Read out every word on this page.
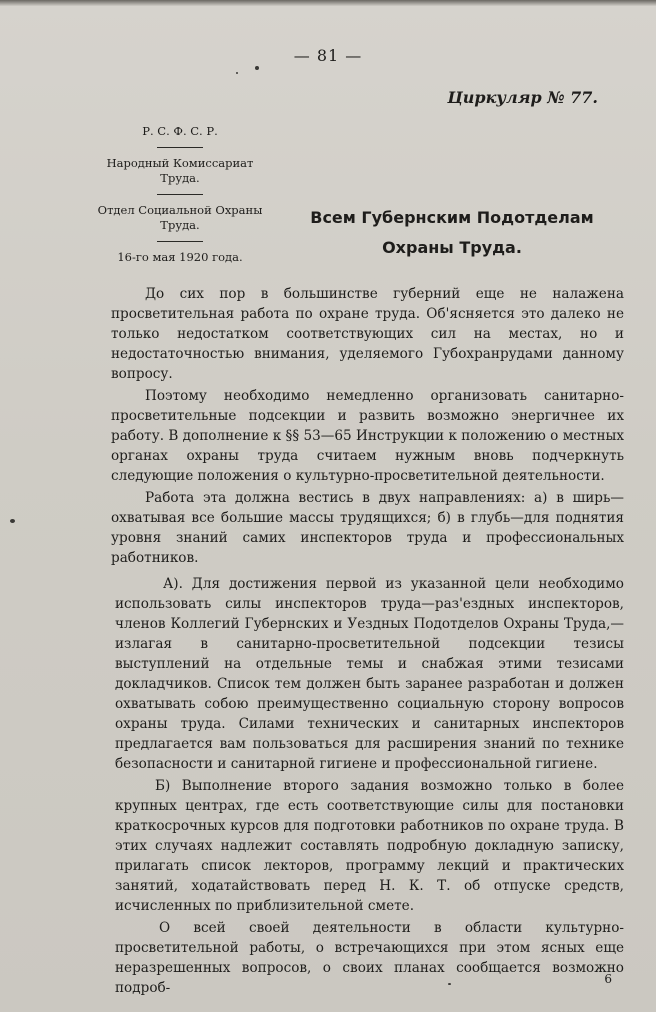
— 81 —
Циркуляр № 77.
Р. С. Ф. С. Р.
Народный Комиссариат Труда.
Отдел Социальной Охраны Труда.
16-го мая 1920 года.
Всем Губернским Подотделам Охраны Труда.

До сих пор в большинстве губерний еще не налажена просветительная работа по охране труда. Об'ясняется это далеко не только недостатком соответствующих сил на местах, но и недостаточностью внимания, уделяемого Губохранрудами данному вопросу.

Поэтому необходимо немедленно организовать санитарно-просветительные подсекции и развить возможно энергичнее их работу. В дополнение к §§ 53—65 Инструкции к положению о местных органах охраны труда считаем нужным вновь подчеркнуть следующие положения о культурно-просветительной деятельности.

Работа эта должна вестись в двух направлениях: а) в ширь—охватывая все большие массы трудящихся; б) в глубь—для поднятия уровня знаний самих инспекторов труда и профессиональных работников.

А). Для достижения первой из указанной цели необходимо использовать силы инспекторов труда—раз'ездных инспекторов, членов Коллегий Губернских и Уездных Подотделов Охраны Труда,—излагая в санитарно-просветительной подсекции тезисы выступлений на отдельные темы и снабжая этими тезисами докладчиков. Список тем должен быть заранее разработан и должен охватывать собою преимущественно социальную сторону вопросов охраны труда. Силами технических и санитарных инспекторов предлагается вам пользоваться для расширения знаний по технике безопасности и санитарной гигиене и профессиональной гигиене.

Б) Выполнение второго задания возможно только в более крупных центрах, где есть соответствующие силы для постановки краткосрочных курсов для подготовки работников по охране труда. В этих случаях надлежит составлять подробную докладную записку, прилагать список лекторов, программу лекций и практических занятий, ходатайствовать перед Н. К. Т. об отпуске средств, исчисленных по приблизительной смете.

О всей своей деятельности в области культурно-просветительной работы, о встречающихся при этом ясных еще неразрешенных вопросов, о своих планах сообщается возможно подроб-

6
